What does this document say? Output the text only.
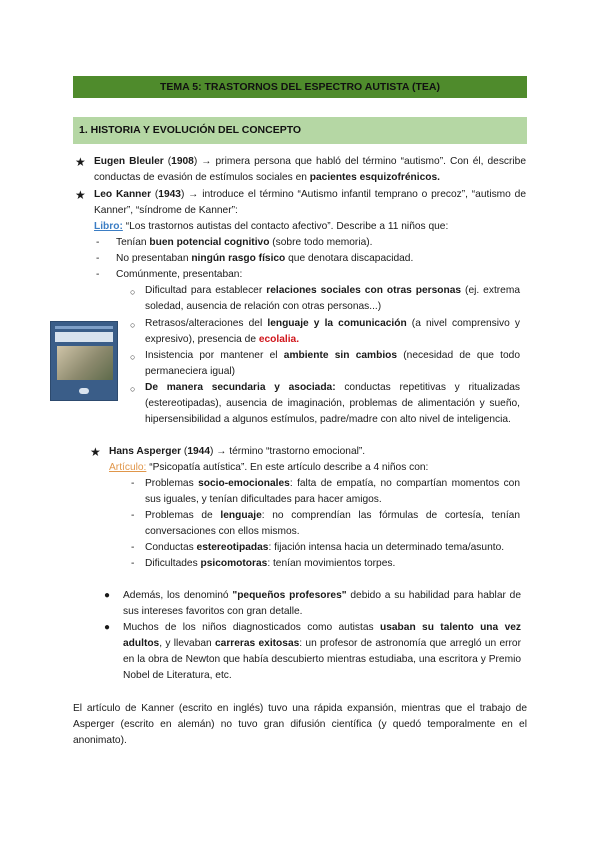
TEMA 5: TRASTORNOS DEL ESPECTRO AUTISTA (TEA)
1. HISTORIA Y EVOLUCIÓN DEL CONCEPTO
★ Eugen Bleuler (1908) → primera persona que habló del término “autismo”. Con él, describe conductas de evasión de estímulos sociales en pacientes esquizofrénicos.
★ Leo Kanner (1943) → introduce el término “Autismo infantil temprano o precoz”, “autismo de Kanner”, “síndrome de Kanner”:
Libro: “Los trastornos autistas del contacto afectivo”. Describe a 11 niños que:
- Tenían buen potencial cognitivo (sobre todo memoria).
- No presentaban ningún rasgo físico que denotara discapacidad.
- Comúnmente, presentaban:
○ Dificultad para establecer relaciones sociales con otras personas (ej. extrema soledad, ausencia de relación con otras personas...)
○ Retrasos/alteraciones del lenguaje y la comunicación (a nivel comprensivo y expresivo), presencia de ecolalia.
○ Insistencia por mantener el ambiente sin cambios (necesidad de que todo permaneciera igual)
○ De manera secundaria y asociada: conductas repetitivas y ritualizadas (estereotipadas), ausencia de imaginación, problemas de alimentación y sueño, hipersensibilidad a algunos estímulos, padre/madre con alto nivel de inteligencia.
★ Hans Asperger (1944) → término “trastorno emocional”.
Artículo: “Psicopatía autística”. En este artículo describe a 4 niños con:
- Problemas socio-emocionales: falta de empatía, no compartían momentos con sus iguales, y tenían dificultades para hacer amigos.
- Problemas de lenguaje: no comprendían las fórmulas de cortesía, tenían conversaciones con ellos mismos.
- Conductas estereotipadas: fijación intensa hacia un determinado tema/asunto.
- Dificultades psicomotoras: tenían movimientos torpes.
● Además, los denominó "pequeños profesores" debido a su habilidad para hablar de sus intereses favoritos con gran detalle.
● Muchos de los niños diagnosticados como autistas usaban su talento una vez adultos, y llevaban carreras exitosas: un profesor de astronomía que arregló un error en la obra de Newton que había descubierto mientras estudiaba, una escritora y Premio Nobel de Literatura, etc.
El artículo de Kanner (escrito en inglés) tuvo una rápida expansión, mientras que el trabajo de Asperger (escrito en alemán) no tuvo gran difusión científica (y quedó temporalmente en el anonimato).
